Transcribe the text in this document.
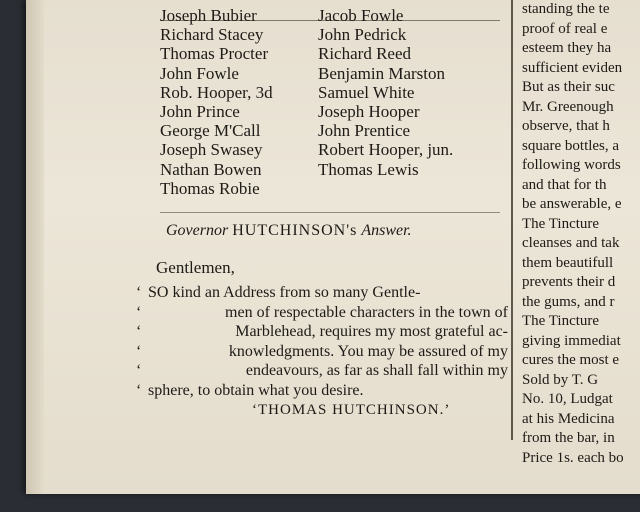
Joseph Bubier	Jacob Fowle
Richard Stacey	John Pedrick
Thomas Procter	Richard Reed
John Fowle	Benjamin Marston
Rob. Hooper, 3d	Samuel White
John Prince	Joseph Hooper
George M'Call	John Prentice
Joseph Swasey	Robert Hooper, jun.
Nathan Bowen	Thomas Lewis
Thomas Robie
Governor HUTCHINSON's Answer.
Gentlemen,
‘ SO kind an Address from so many Gentle-
‘	men of respectable characters in the town of
‘	Marblehead, requires my most grateful ac-
‘	knowledgments. You may be assured of my
‘	endeavours, as far as shall fall within my
‘ sphere, to obtain what you desire.
‘THOMAS HUTCHINSON.’
standing the te
proof of real e
esteem they ha
sufficient eviden
But as their suc
Mr. Greenough
observe, that h
square bottles, a
following words
and that for th
be answerable, e
The Tincture
cleanses and tak
them beautifull
prevents their d
the gums, and r
The Tincture
giving immediat
cures the most e
Sold by T. G
No. 10, Ludgat
at his Medicina
from the bar, in
Price 1s. each bo
